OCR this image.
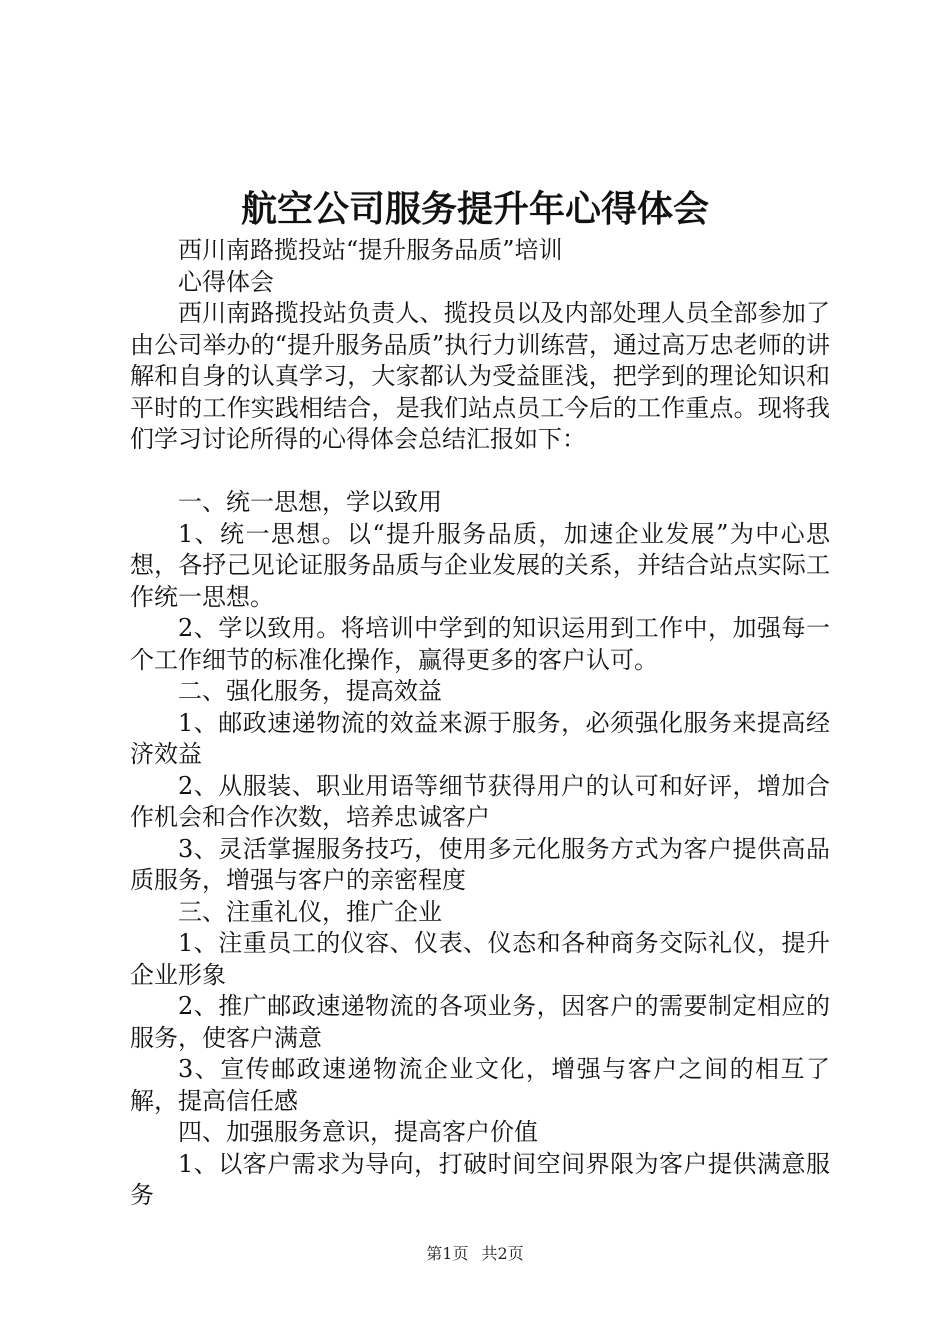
航空公司服务提升年心得体会

西川南路揽投站“提升服务品质”培训

心得体会

西川南路揽投站负责人、揽投员以及内部处理人员全部参加了由公司举办的“提升服务品质”执行力训练营，通过高万忠老师的讲解和自身的认真学习，大家都认为受益匪浅，把学到的理论知识和平时的工作实践相结合，是我们站点员工今后的工作重点。现将我们学习讨论所得的心得体会总结汇报如下：

一、统一思想，学以致用

1、统一思想。以“提升服务品质，加速企业发展”为中心思想，各抒己见论证服务品质与企业发展的关系，并结合站点实际工作统一思想。

2、学以致用。将培训中学到的知识运用到工作中，加强每一个工作细节的标准化操作，赢得更多的客户认可。

二、强化服务，提高效益

1、邮政速递物流的效益来源于服务，必须强化服务来提高经济效益

2、从服装、职业用语等细节获得用户的认可和好评，增加合作机会和合作次数，培养忠诚客户

3、灵活掌握服务技巧，使用多元化服务方式为客户提供高品质服务，增强与客户的亲密程度

三、注重礼仪，推广企业

1、注重员工的仪容、仪表、仪态和各种商务交际礼仪，提升企业形象

2、推广邮政速递物流的各项业务，因客户的需要制定相应的服务，使客户满意

3、宣传邮政速递物流企业文化，增强与客户之间的相互了解，提高信任感

四、加强服务意识，提高客户价值

1、以客户需求为导向，打破时间空间界限为客户提供满意服务

第1页 共2页
